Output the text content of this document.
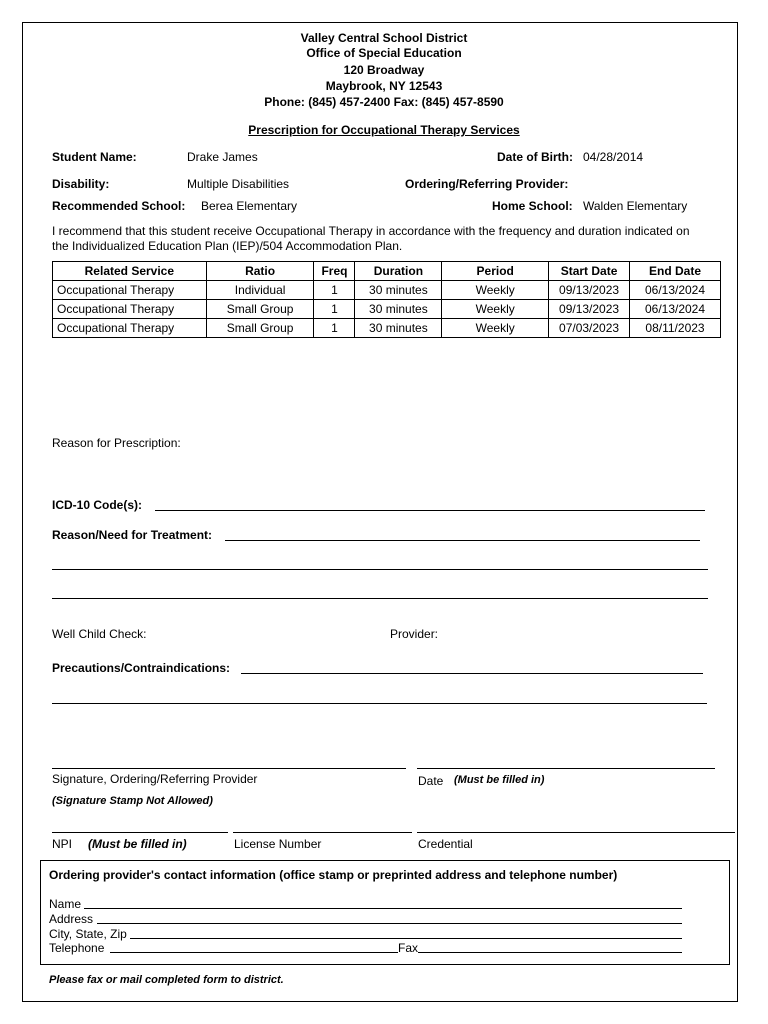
Valley Central School District
Office of Special Education
120 Broadway
Maybrook, NY 12543
Phone: (845) 457-2400 Fax: (845) 457-8590
Prescription for Occupational Therapy Services
Student Name:	Drake James	Date of Birth: 04/28/2014
Disability:	Multiple Disabilities	Ordering/Referring Provider:
Recommended School: Berea Elementary	Home School: Walden Elementary
I recommend that this student receive Occupational Therapy in accordance with the frequency and duration indicated on
the Individualized Education Plan (IEP)/504 Accommodation Plan.
Related Service	Ratio	Freq	Duration	Period	Start Date	End Date
Occupational Therapy	Individual	1	30 minutes	Weekly	09/13/2023	06/13/2024
Occupational Therapy	Small Group	1	30 minutes	Weekly	09/13/2023	06/13/2024
Occupational Therapy	Small Group	1	30 minutes	Weekly	07/03/2023	08/11/2023
Reason for Prescription:
ICD-10 Code(s):
Reason/Need for Treatment:
Well Child Check:	Provider:
Precautions/Contraindications:
Signature, Ordering/Referring Provider
(Signature Stamp Not Allowed)
Date (Must be filled in)
NPI (Must be filled in)	License Number	Credential
Ordering provider's contact information (office stamp or preprinted address and telephone number)
Name
Address
City, State, Zip
Telephone	Fax
Please fax or mail completed form to district.
